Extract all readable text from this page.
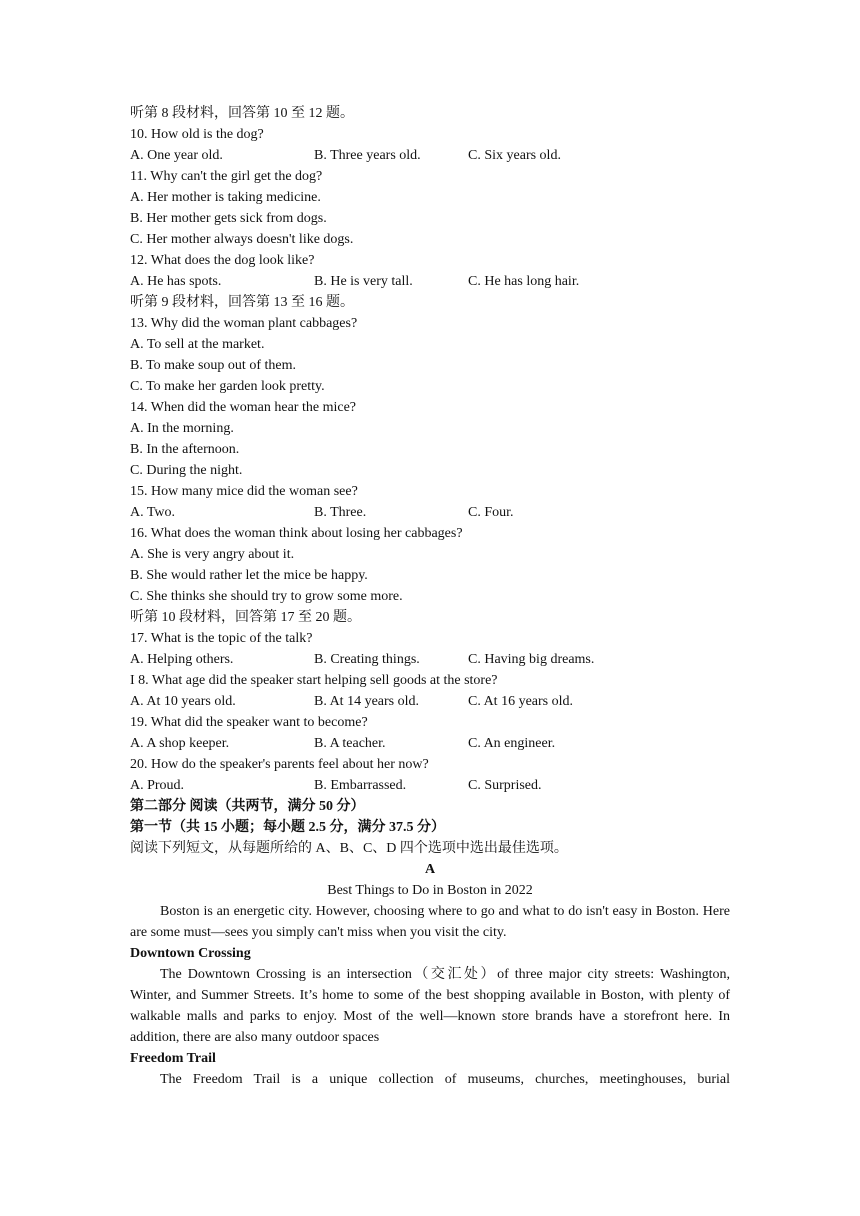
听第 8 段材料，回答第 10 至 12 题。
10. How old is the dog?
A. One year old.	B. Three years old.	C. Six years old.
11. Why can't the girl get the dog?
A. Her mother is taking medicine.
B. Her mother gets sick from dogs.
C. Her mother always doesn't like dogs.
12. What does the dog look like?
A. He has spots.	B. He is very tall.	C. He has long hair.
听第 9 段材料，回答第 13 至 16 题。
13. Why did the woman plant cabbages?
A. To sell at the market.
B. To make soup out of them.
C. To make her garden look pretty.
14. When did the woman hear the mice?
A. In the morning.
B. In the afternoon.
C. During the night.
15. How many mice did the woman see?
A. Two.	B. Three.	C. Four.
16. What does the woman think about losing her cabbages?
A. She is very angry about it.
B. She would rather let the mice be happy.
C. She thinks she should try to grow some more.
听第 10 段材料，回答第 17 至 20 题。
17. What is the topic of the talk?
A. Helping others.	B. Creating things.	C. Having big dreams.
I 8. What age did the speaker start helping sell goods at the store?
A. At 10 years old.	B. At 14 years old.	C. At 16 years old.
19. What did the speaker want to become?
A. A shop keeper.	B. A teacher.	C. An engineer.
20. How do the speaker's parents feel about her now?
A. Proud.	B. Embarrassed.	C. Surprised.
第二部分 阅读（共两节，满分 50 分）
第一节（共 15 小题；每小题 2.5 分，满分 37.5 分）
阅读下列短文，从每题所给的 A、B、C、D 四个选项中选出最佳选项。
A
Best Things to Do in Boston in 2022

Boston is an energetic city. However, choosing where to go and what to do isn't easy in Boston. Here are some must—sees you simply can't miss when you visit the city.

Downtown Crossing

The Downtown Crossing is an intersection（交汇处）of three major city streets: Washington, Winter, and Summer Streets. It’s home to some of the best shopping available in Boston, with plenty of walkable malls and parks to enjoy. Most of the well—known store brands have a storefront here. In addition, there are also many outdoor spaces

Freedom Trail

The Freedom Trail is a unique collection of museums, churches, meetinghouses, burial
